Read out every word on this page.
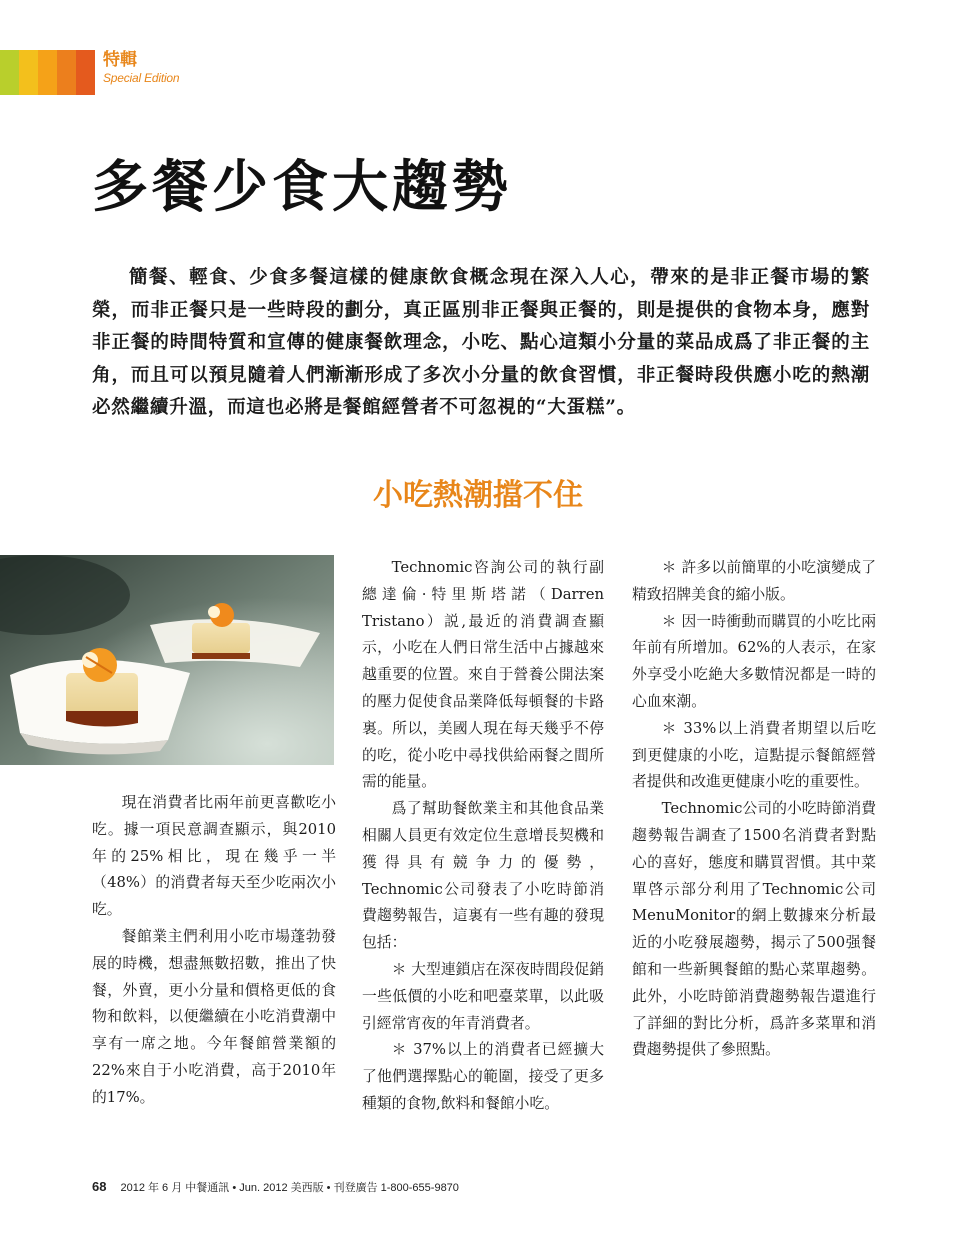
特輯
Special Edition
多餐少食大趨勢

簡餐、輕食、少食多餐這樣的健康飲食概念現在深入人心，帶來的是非正餐市場的繁榮，而非正餐只是一些時段的劃分，真正區別非正餐與正餐的，則是提供的食物本身，應對非正餐的時間特質和宣傳的健康餐飲理念，小吃、點心這類小分量的菜品成爲了非正餐的主角，而且可以預見隨着人們漸漸形成了多次小分量的飲食習慣，非正餐時段供應小吃的熱潮必然繼續升溫，而這也必將是餐館經營者不可忽視的“大蛋糕”。

小吃熱潮擋不住

現在消費者比兩年前更喜歡吃小吃。據一項民意調查顯示，與2010年的25%相比，現在幾乎一半（48%）的消費者每天至少吃兩次小吃。

餐館業主們利用小吃市場蓬勃發展的時機，想盡無數招數，推出了快餐，外賣，更小分量和價格更低的食物和飲料，以便繼續在小吃消費潮中享有一席之地。今年餐館營業額的22%來自于小吃消費，高于2010年的17%。

Technomic咨詢公司的執行副總達倫·特里斯塔諾（Darren Tristano）説,最近的消費調查顯示，小吃在人們日常生活中占據越來越重要的位置。來自于營養公開法案的壓力促使食品業降低每頓餐的卡路裏。所以，美國人現在每天幾乎不停的吃，從小吃中尋找供給兩餐之間所需的能量。

爲了幫助餐飲業主和其他食品業相關人員更有效定位生意增長契機和獲得具有競争力的優勢，Technomic公司發表了小吃時節消費趨勢報告，這裏有一些有趣的發現包括：

＊ 大型連鎖店在深夜時間段促銷一些低價的小吃和吧臺菜單，以此吸引經常宵夜的年青消費者。

＊ 37%以上的消費者已經擴大了他們選擇點心的範圍，接受了更多種類的食物,飲料和餐館小吃。

＊ 許多以前簡單的小吃演變成了精致招牌美食的縮小版。

＊ 因一時衝動而購買的小吃比兩年前有所增加。62%的人表示，在家外享受小吃絶大多數情況都是一時的心血來潮。

＊ 33%以上消費者期望以后吃到更健康的小吃，這點提示餐館經營者提供和改進更健康小吃的重要性。

Technomic公司的小吃時節消費趨勢報告調查了1500名消費者對點心的喜好，態度和購買習慣。其中菜單啓示部分利用了Technomic公司MenuMonitor的網上數據來分析最近的小吃發展趨勢，揭示了500强餐館和一些新興餐館的點心菜單趨勢。此外，小吃時節消費趨勢報告還進行了詳細的對比分析，爲許多菜單和消費趨勢提供了參照點。

68 2012 年 6 月 中餐通訊 • Jun. 2012 美西版 • 刊登廣告 1-800-655-9870
